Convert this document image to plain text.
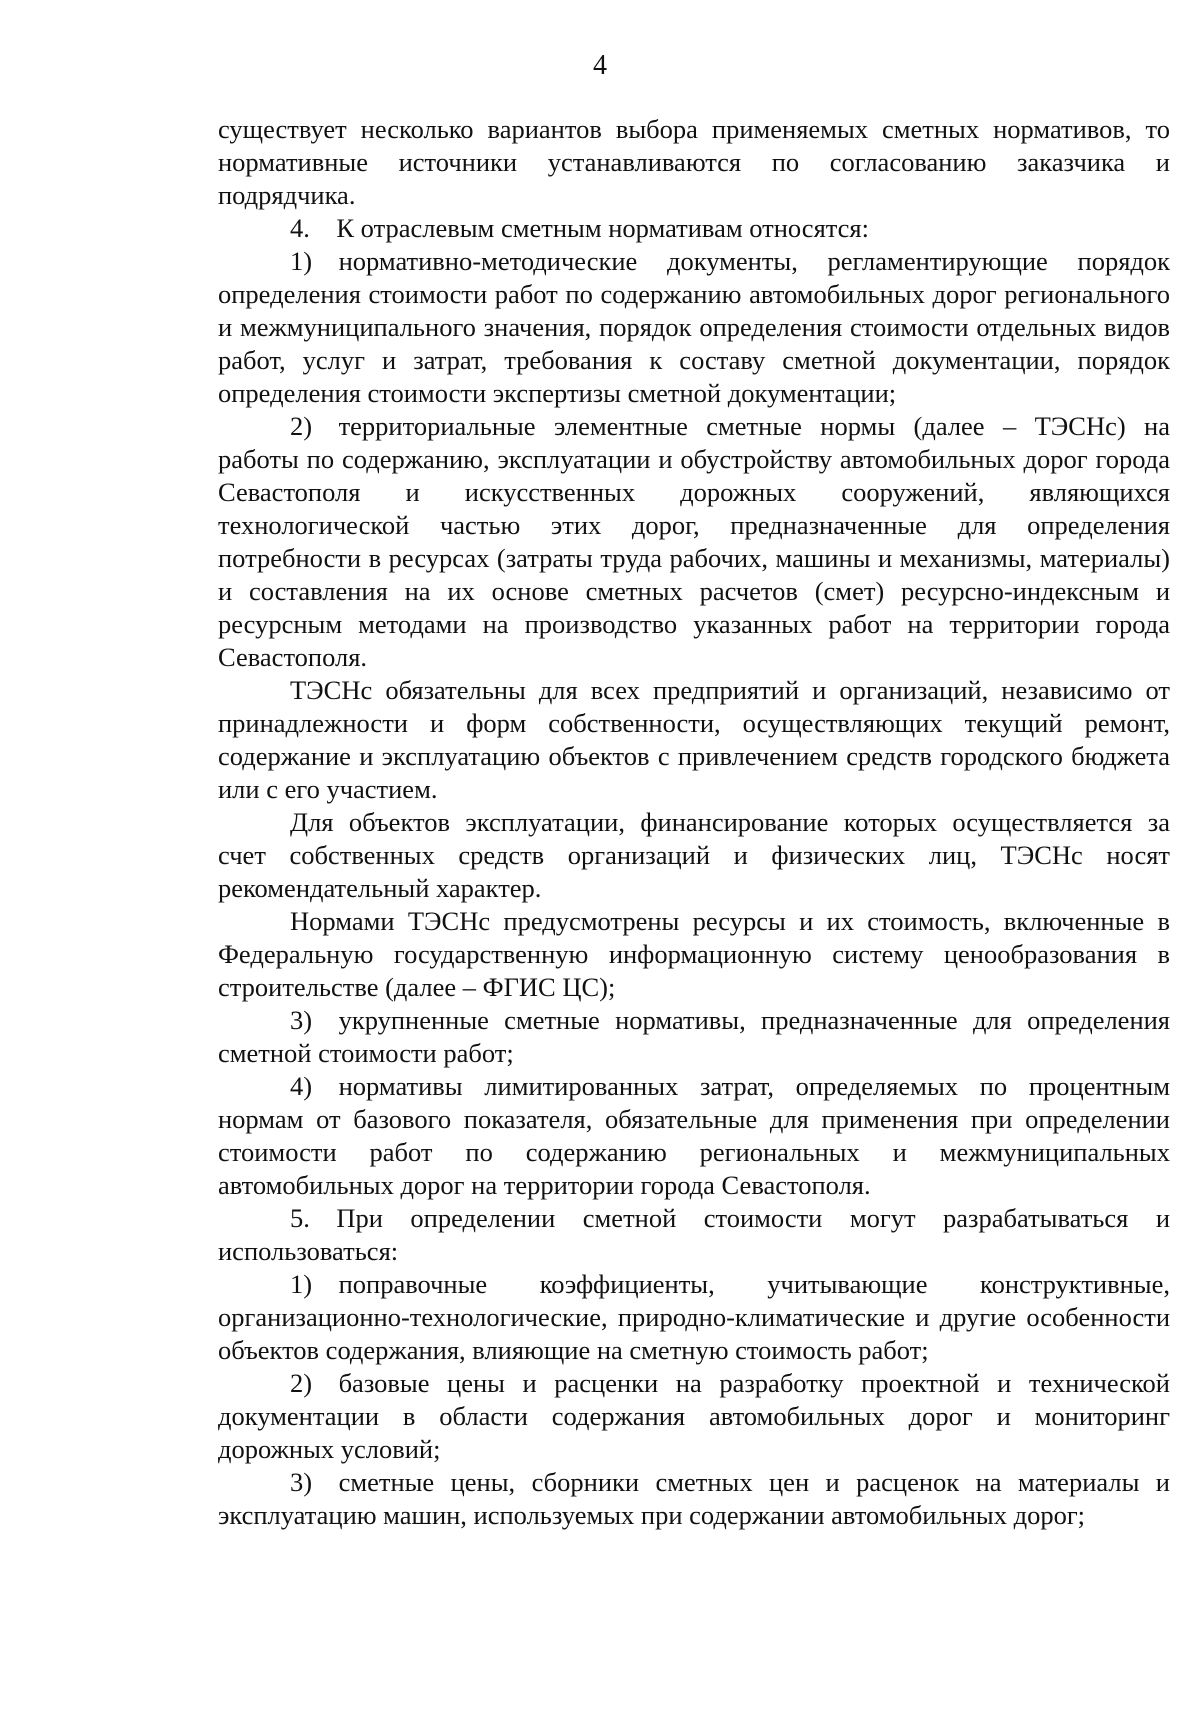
4

существует несколько вариантов выбора применяемых сметных нормативов, то нормативные источники устанавливаются по согласованию заказчика и подрядчика.

4. К отраслевым сметным нормативам относятся:

1) нормативно-методические документы, регламентирующие порядок определения стоимости работ по содержанию автомобильных дорог регионального и межмуниципального значения, порядок определения стоимости отдельных видов работ, услуг и затрат, требования к составу сметной документации, порядок определения стоимости экспертизы сметной документации;

2) территориальные элементные сметные нормы (далее – ТЭСНс) на работы по содержанию, эксплуатации и обустройству автомобильных дорог города Севастополя и искусственных дорожных сооружений, являющихся технологической частью этих дорог, предназначенные для определения потребности в ресурсах (затраты труда рабочих, машины и механизмы, материалы) и составления на их основе сметных расчетов (смет) ресурсно-индексным и ресурсным методами на производство указанных работ на территории города Севастополя.

ТЭСНс обязательны для всех предприятий и организаций, независимо от принадлежности и форм собственности, осуществляющих текущий ремонт, содержание и эксплуатацию объектов с привлечением средств городского бюджета или с его участием.

Для объектов эксплуатации, финансирование которых осуществляется за счет собственных средств организаций и физических лиц, ТЭСНс носят рекомендательный характер.

Нормами ТЭСНс предусмотрены ресурсы и их стоимость, включенные в Федеральную государственную информационную систему ценообразования в строительстве (далее – ФГИС ЦС);

3) укрупненные сметные нормативы, предназначенные для определения сметной стоимости работ;

4) нормативы лимитированных затрат, определяемых по процентным нормам от базового показателя, обязательные для применения при определении стоимости работ по содержанию региональных и межмуниципальных автомобильных дорог на территории города Севастополя.

5. При определении сметной стоимости могут разрабатываться и использоваться:

1) поправочные коэффициенты, учитывающие конструктивные, организационно-технологические, природно-климатические и другие особенности объектов содержания, влияющие на сметную стоимость работ;

2) базовые цены и расценки на разработку проектной и технической документации в области содержания автомобильных дорог и мониторинг дорожных условий;

3) сметные цены, сборники сметных цен и расценок на материалы и эксплуатацию машин, используемых при содержании автомобильных дорог;
